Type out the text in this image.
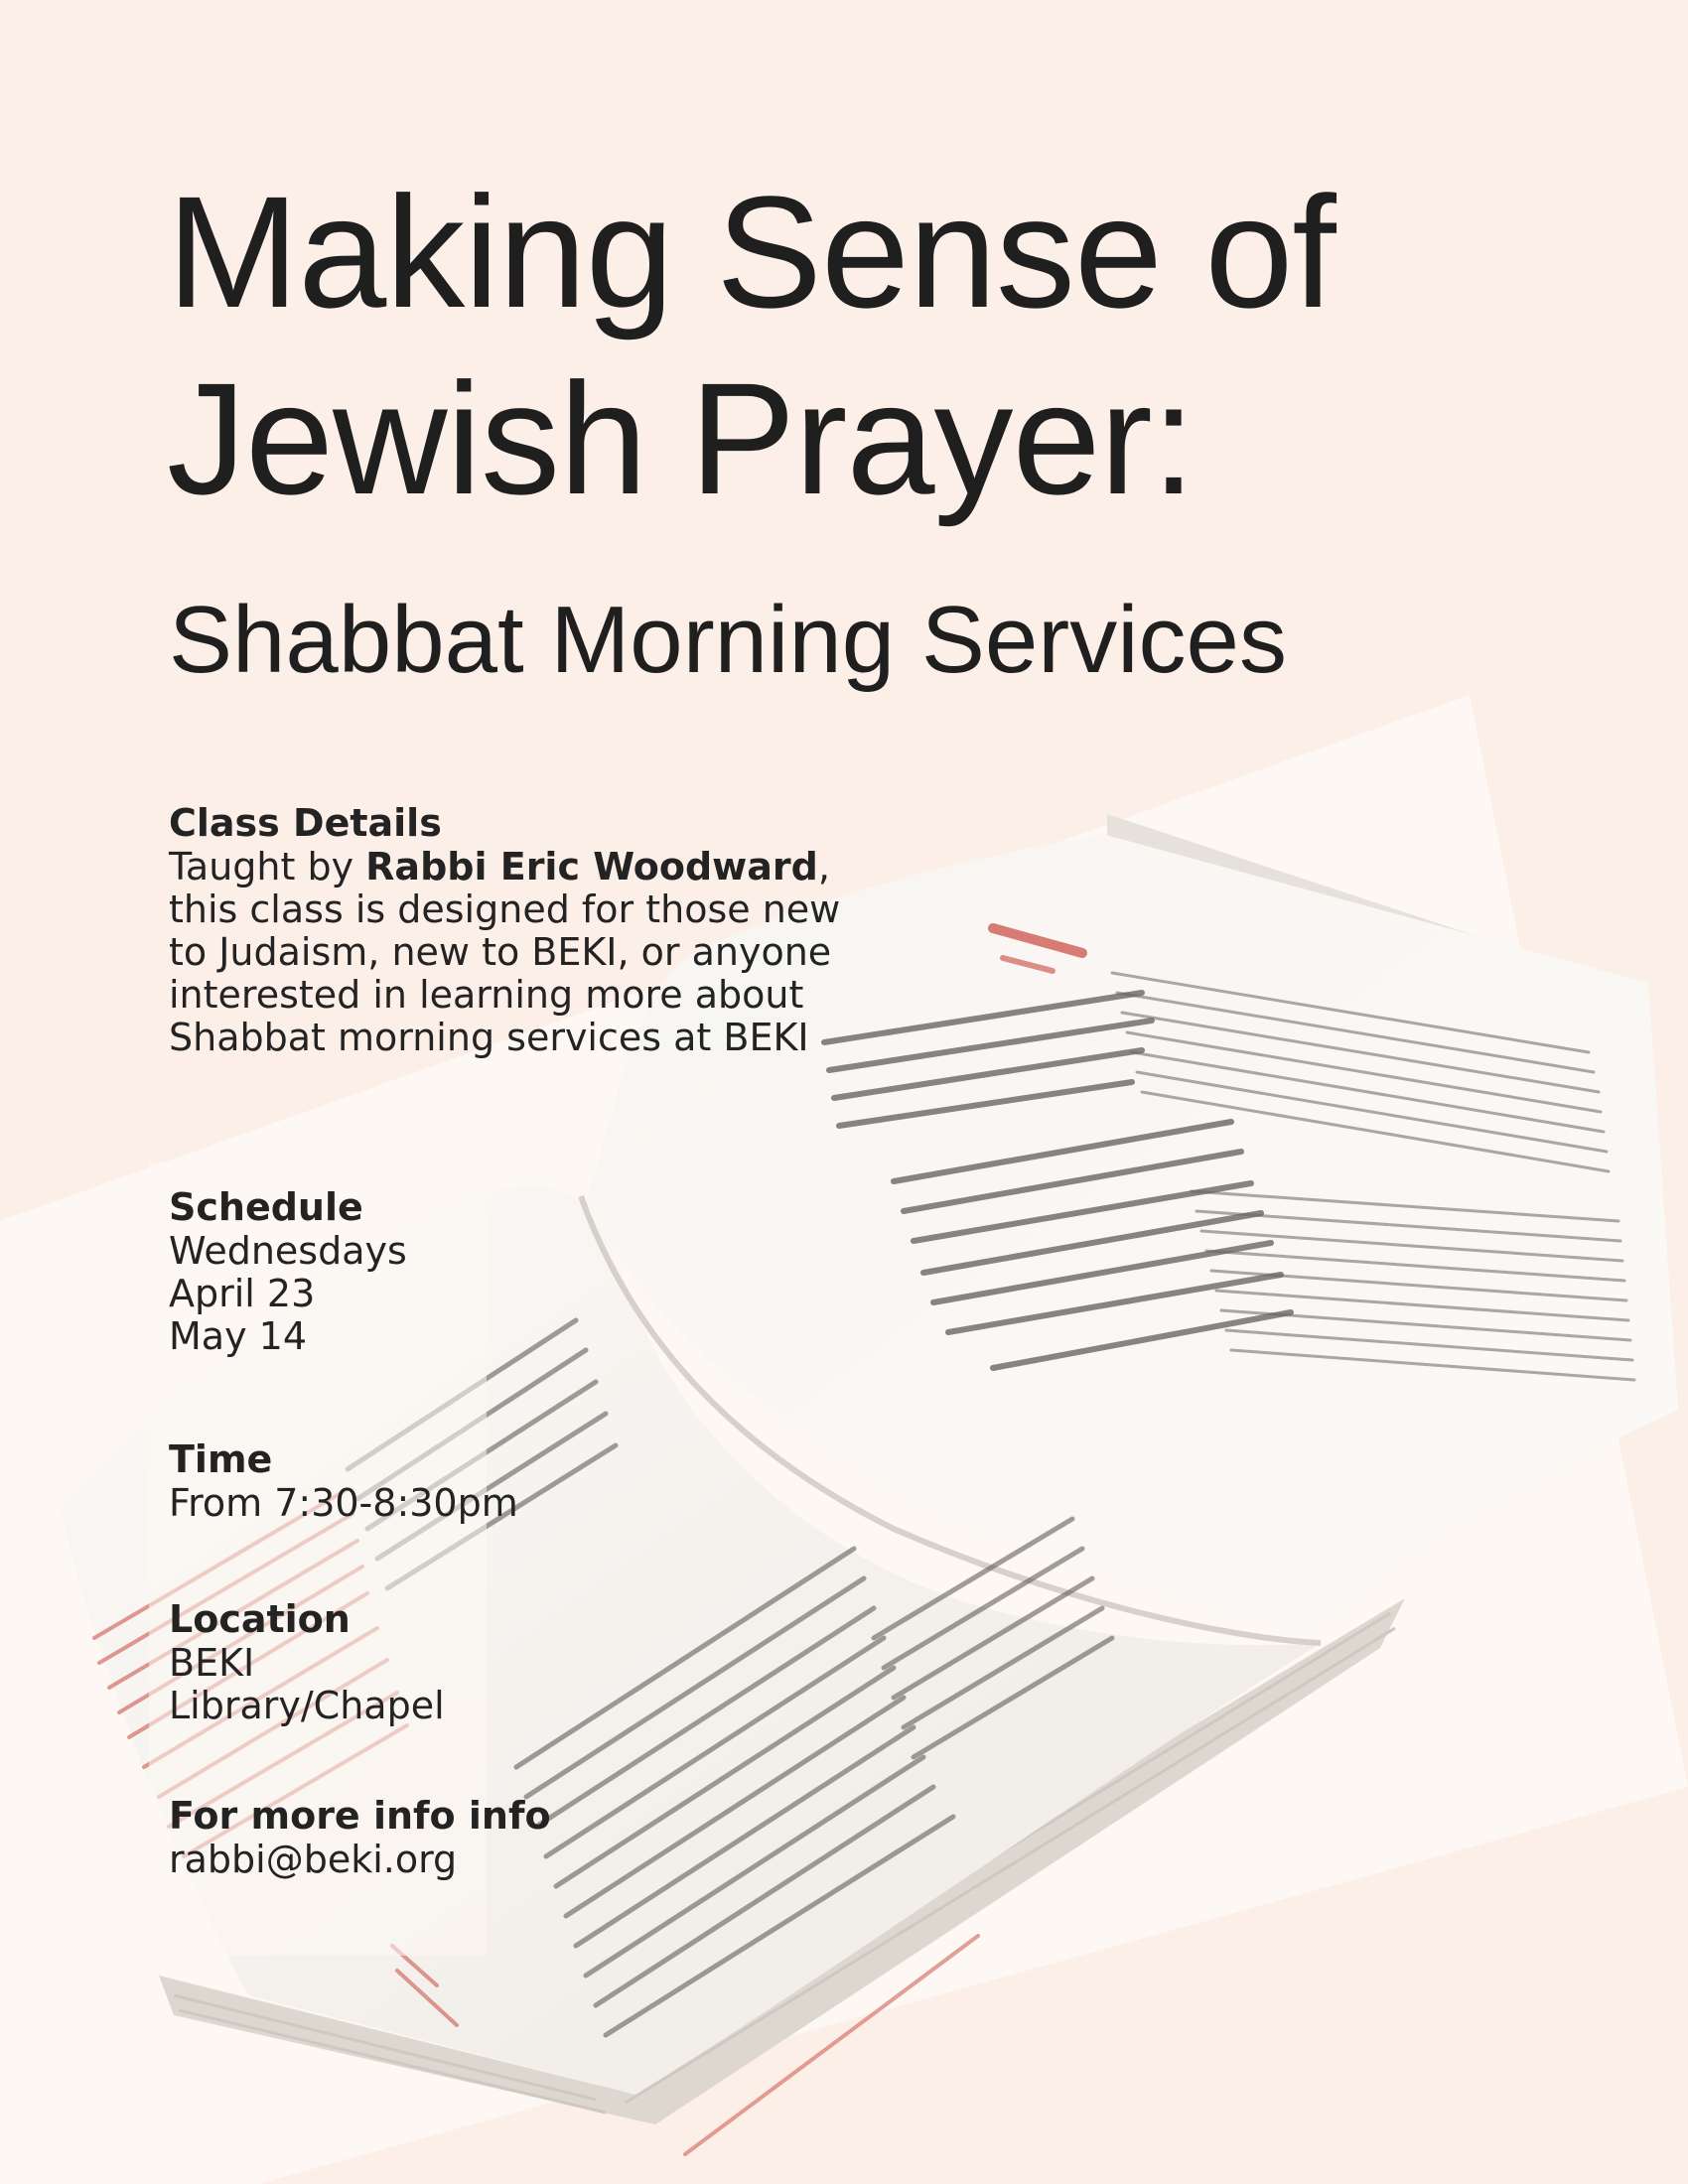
Making Sense of
Jewish Prayer:
Shabbat Morning Services
Class Details

Taught by Rabbi Eric Woodward,
this class is designed for those new
to Judaism, new to BEKI, or anyone
interested in learning more about
Shabbat morning services at BEKI

Schedule

Wednesdays
April 23
May 14

Time

From 7:30-8:30pm

Location

BEKI
Library/Chapel

For more info info

rabbi@beki.org
